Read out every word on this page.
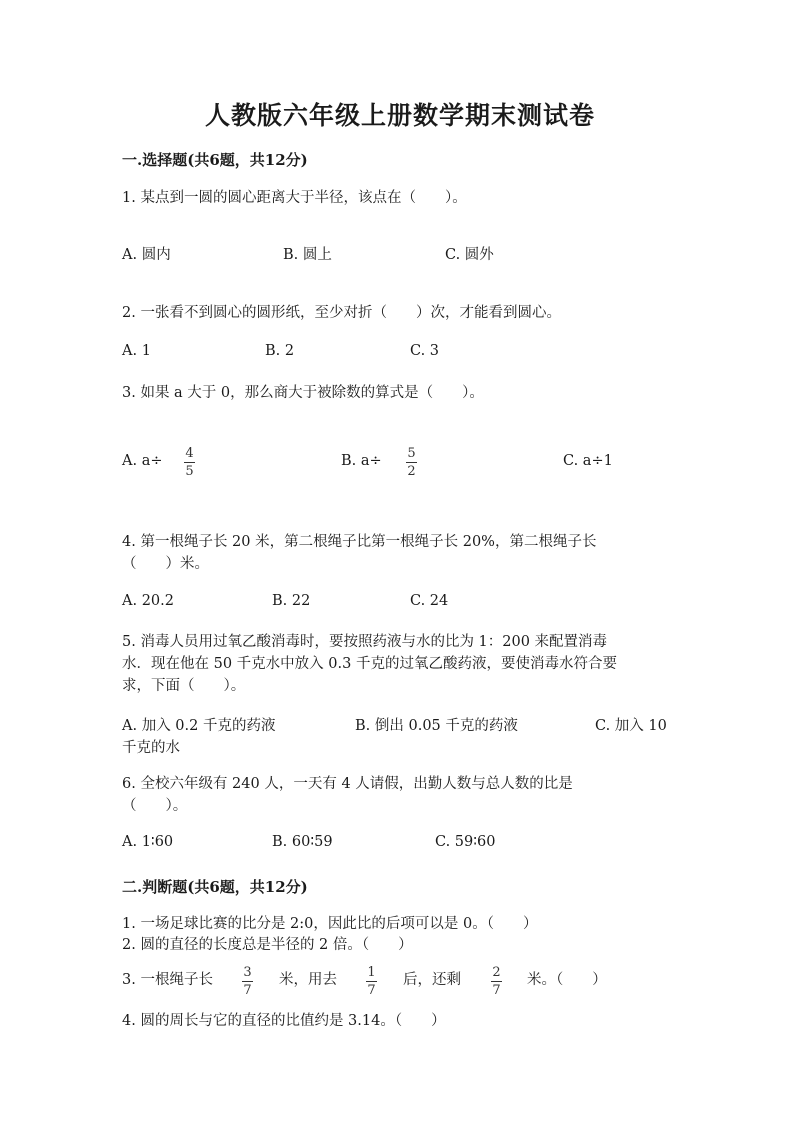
人教版六年级上册数学期末测试卷
一.选择题(共6题，共12分)
1. 某点到一圆的圆心距离大于半径，该点在（　　）。
A. 圆内	B. 圆上	C. 圆外
2. 一张看不到圆心的圆形纸，至少对折（　　）次，才能看到圆心。
A. 1	B. 2	C. 3
3. 如果 a 大于 0，那么商大于被除数的算式是（　　）。
A. a÷ 4
5
B. a÷ 5
2
C. a÷1
4. 第一根绳子长 20 米，第二根绳子比第一根绳子长 20%，第二根绳子长
（　　）米。
A. 20.2	B. 22	C. 24
5. 消毒人员用过氧乙酸消毒时，要按照药液与水的比为 1：200 来配置消毒
水．现在他在 50 千克水中放入 0.3 千克的过氧乙酸药液，要使消毒水符合要
求，下面（　　）。
A. 加入 0.2 千克的药液	B. 倒出 0.05 千克的药液	C. 加入 10
千克的水
6. 全校六年级有 240 人，一天有 4 人请假，出勤人数与总人数的比是
（　　）。
A. 1∶60	B. 60∶59	C. 59∶60
二.判断题(共6题，共12分)
1. 一场足球比赛的比分是 2:0，因此比的后项可以是 0。（　　）
2. 圆的直径的长度总是半径的 2 倍。（　　）
3. 一根绳子长 3
7
米，用去 1
7
后，还剩 2
7
米。（　　）
4. 圆的周长与它的直径的比值约是 3.14。（　　）
